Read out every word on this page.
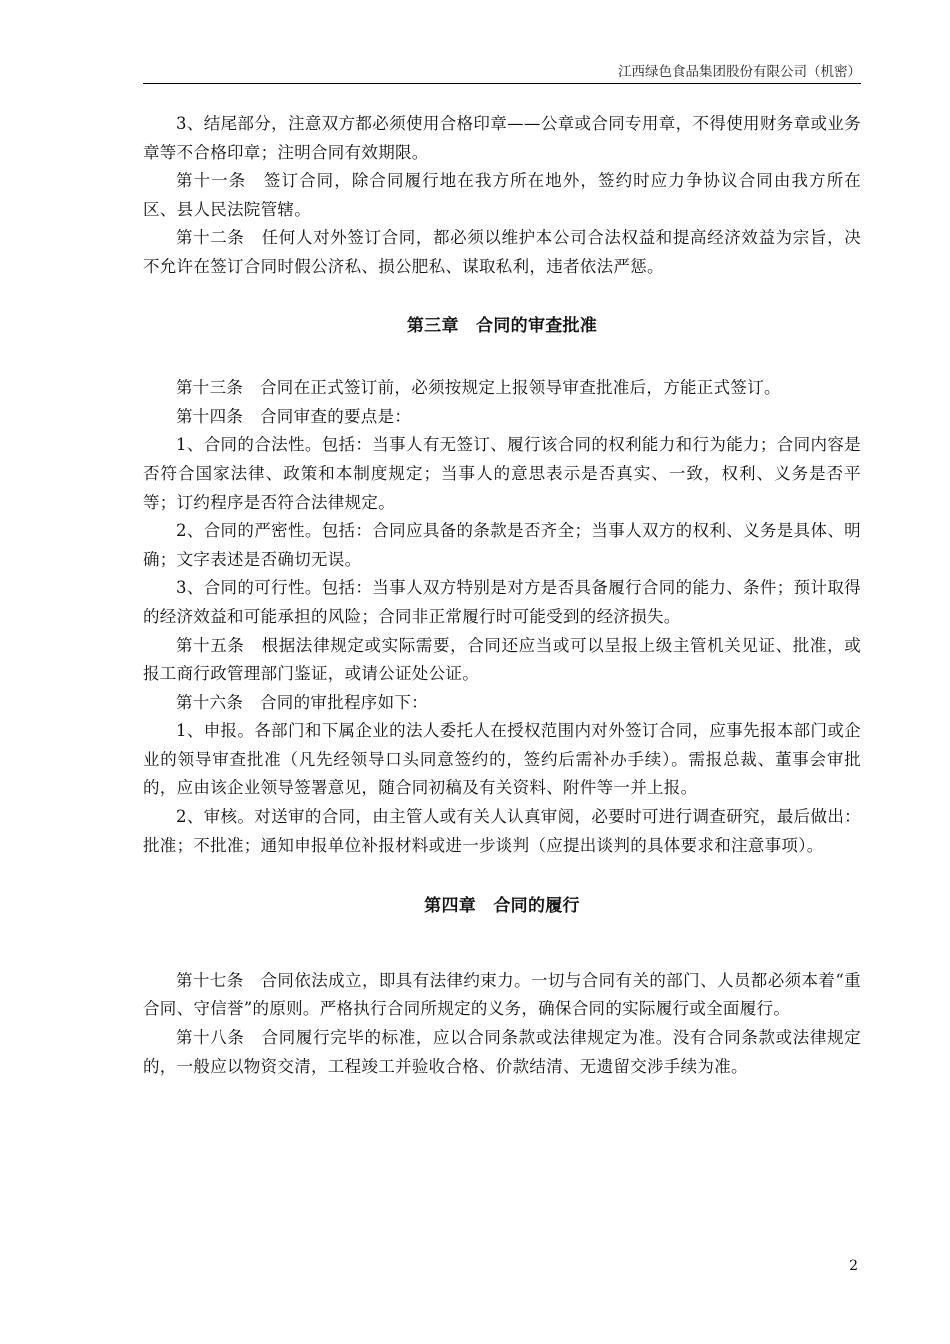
江西绿色食品集团股份有限公司（机密）

3、结尾部分，注意双方都必须使用合格印章——公章或合同专用章，不得使用财务章或业务章等不合格印章；注明合同有效期限。

第十一条　签订合同，除合同履行地在我方所在地外，签约时应力争协议合同由我方所在区、县人民法院管辖。

第十二条　任何人对外签订合同，都必须以维护本公司合法权益和提高经济效益为宗旨，决不允许在签订合同时假公济私、损公肥私、谋取私利，违者依法严惩。

第三章　合同的审查批准

第十三条　合同在正式签订前，必须按规定上报领导审查批准后，方能正式签订。

第十四条　合同审查的要点是：

1、合同的合法性。包括：当事人有无签订、履行该合同的权利能力和行为能力；合同内容是否符合国家法律、政策和本制度规定；当事人的意思表示是否真实、一致，权利、义务是否平等；订约程序是否符合法律规定。

2、合同的严密性。包括：合同应具备的条款是否齐全；当事人双方的权利、义务是具体、明确；文字表述是否确切无误。

3、合同的可行性。包括：当事人双方特别是对方是否具备履行合同的能力、条件；预计取得的经济效益和可能承担的风险；合同非正常履行时可能受到的经济损失。

第十五条　根据法律规定或实际需要，合同还应当或可以呈报上级主管机关见证、批准，或报工商行政管理部门鉴证，或请公证处公证。

第十六条　合同的审批程序如下：

1、申报。各部门和下属企业的法人委托人在授权范围内对外签订合同，应事先报本部门或企业的领导审查批准（凡先经领导口头同意签约的，签约后需补办手续）。需报总裁、董事会审批的，应由该企业领导签署意见，随合同初稿及有关资料、附件等一并上报。

2、审核。对送审的合同，由主管人或有关人认真审阅，必要时可进行调查研究，最后做出：批准；不批准；通知申报单位补报材料或进一步谈判（应提出谈判的具体要求和注意事项）。

第四章　合同的履行

第十七条　合同依法成立，即具有法律约束力。一切与合同有关的部门、人员都必须本着“重合同、守信誉”的原则。严格执行合同所规定的义务，确保合同的实际履行或全面履行。

第十八条　合同履行完毕的标准，应以合同条款或法律规定为准。没有合同条款或法律规定的，一般应以物资交清，工程竣工并验收合格、价款结清、无遗留交涉手续为准。

2
